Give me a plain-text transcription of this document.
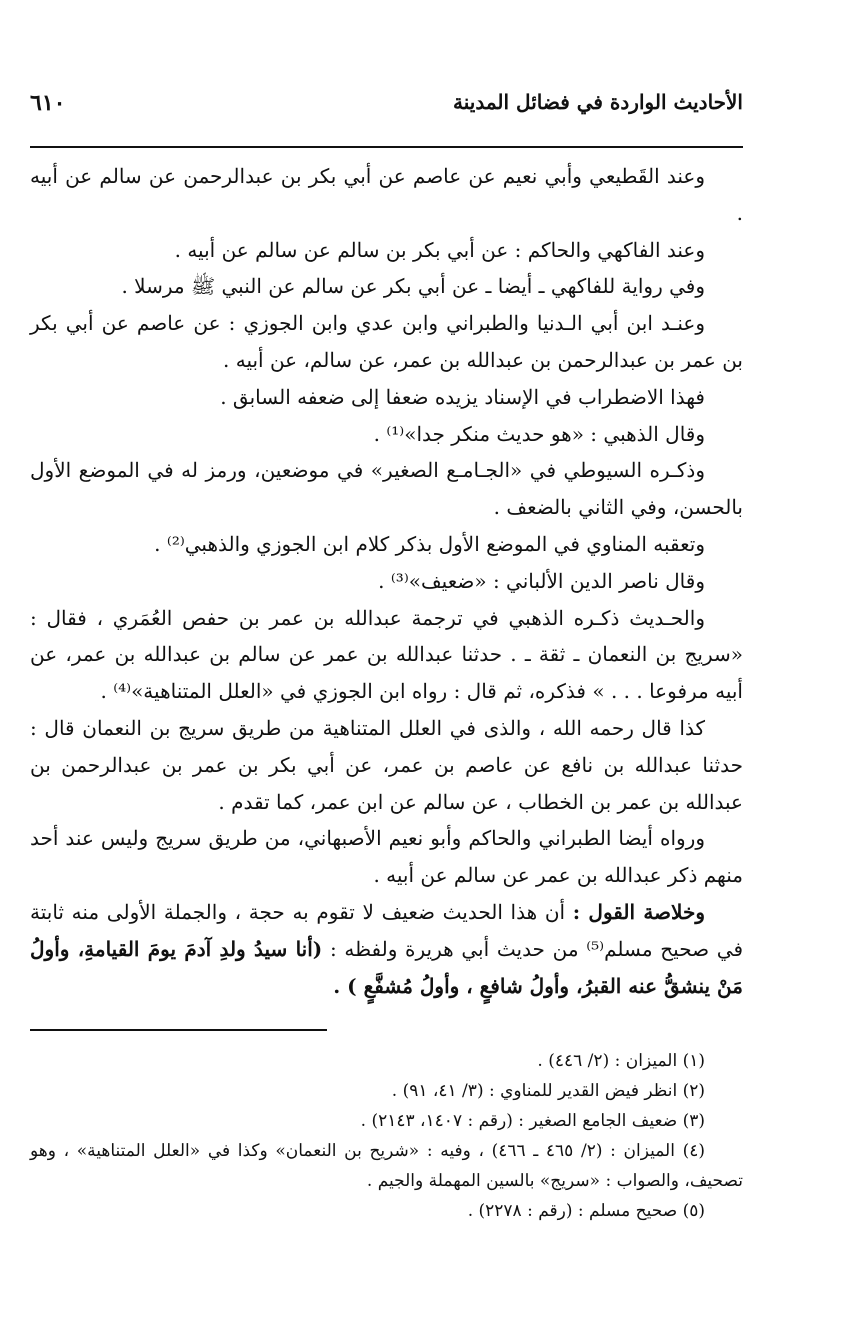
الأحاديث الواردة في فضائل المدينة
٦١٠

وعند القَطيعي وأبي نعيم عن عاصم عن أبي بكر بن عبدالرحمن عن سالم عن أبيه .

وعند الفاكهي والحاكم : عن أبي بكر بن سالم عن سالم عن أبيه .

وفي رواية للفاكهي ـ أيضا ـ عن أبي بكر عن سالم عن النبي ﷺ مرسلا .

وعنـد ابن أبي الـدنيا والطبراني وابن عدي وابن الجوزي : عن عاصم عن أبي بكر بن عمر بن عبدالرحمن بن عبدالله بن عمر، عن سالم، عن أبيه .

فهذا الاضطراب في الإسناد يزيده ضعفا إلى ضعفه السابق .

وقال الذهبي : «هو حديث منكر جدا»⁽¹⁾ .

وذكـره السيوطي في «الجـامـع الصغير» في موضعين، ورمز له في الموضع الأول بالحسن، وفي الثاني بالضعف .

وتعقبه المناوي في الموضع الأول بذكر كلام ابن الجوزي والذهبي⁽²⁾ .

وقال ناصر الدين الألباني : «ضعيف»⁽³⁾ .

والحـديث ذكـره الذهبي في ترجمة عبدالله بن عمر بن حفص العُمَري ، فقال : «سريج بن النعمان ـ ثقة ـ . حدثنا عبدالله بن عمر عن سالم بن عبدالله بن عمر، عن أبيه مرفوعا . . . » فذكره، ثم قال : رواه ابن الجوزي في «العلل المتناهية»⁽⁴⁾ .

كذا قال رحمه الله ، والذى في العلل المتناهية من طريق سريج بن النعمان قال : حدثنا عبدالله بن نافع عن عاصم بن عمر، عن أبي بكر بن عمر بن عبدالرحمن بن عبدالله بن عمر بن الخطاب ، عن سالم عن ابن عمر، كما تقدم .

ورواه أيضا الطبراني والحاكم وأبو نعيم الأصبهاني، من طريق سريج وليس عند أحد منهم ذكر عبدالله بن عمر عن سالم عن أبيه .

وخلاصة القول : أن هذا الحديث ضعيف لا تقوم به حجة ، والجملة الأولى منه ثابتة في صحيح مسلم⁽⁵⁾ من حديث أبي هريرة ولفظه : (أنا سيدُ ولدِ آدمَ يومَ القيامةِ، وأولُ مَنْ ينشقُّ عنه القبرُ، وأولُ شافعٍ ، وأولُ مُشفَّعٍ ) .

(١) الميزان : (٢/ ٤٤٦) .

(٢) انظر فيض القدير للمناوي : (٣/ ٤١، ٩١) .

(٣) ضعيف الجامع الصغير : (رقم : ١٤٠٧، ٢١٤٣) .

(٤) الميزان : (٢/ ٤٦٥ ـ ٤٦٦) ، وفيه : «شريح بن النعمان» وكذا في «العلل المتناهية» ، وهو تصحيف، والصواب : «سريج» بالسين المهملة والجيم .

(٥) صحيح مسلم : (رقم : ٢٢٧٨) .
